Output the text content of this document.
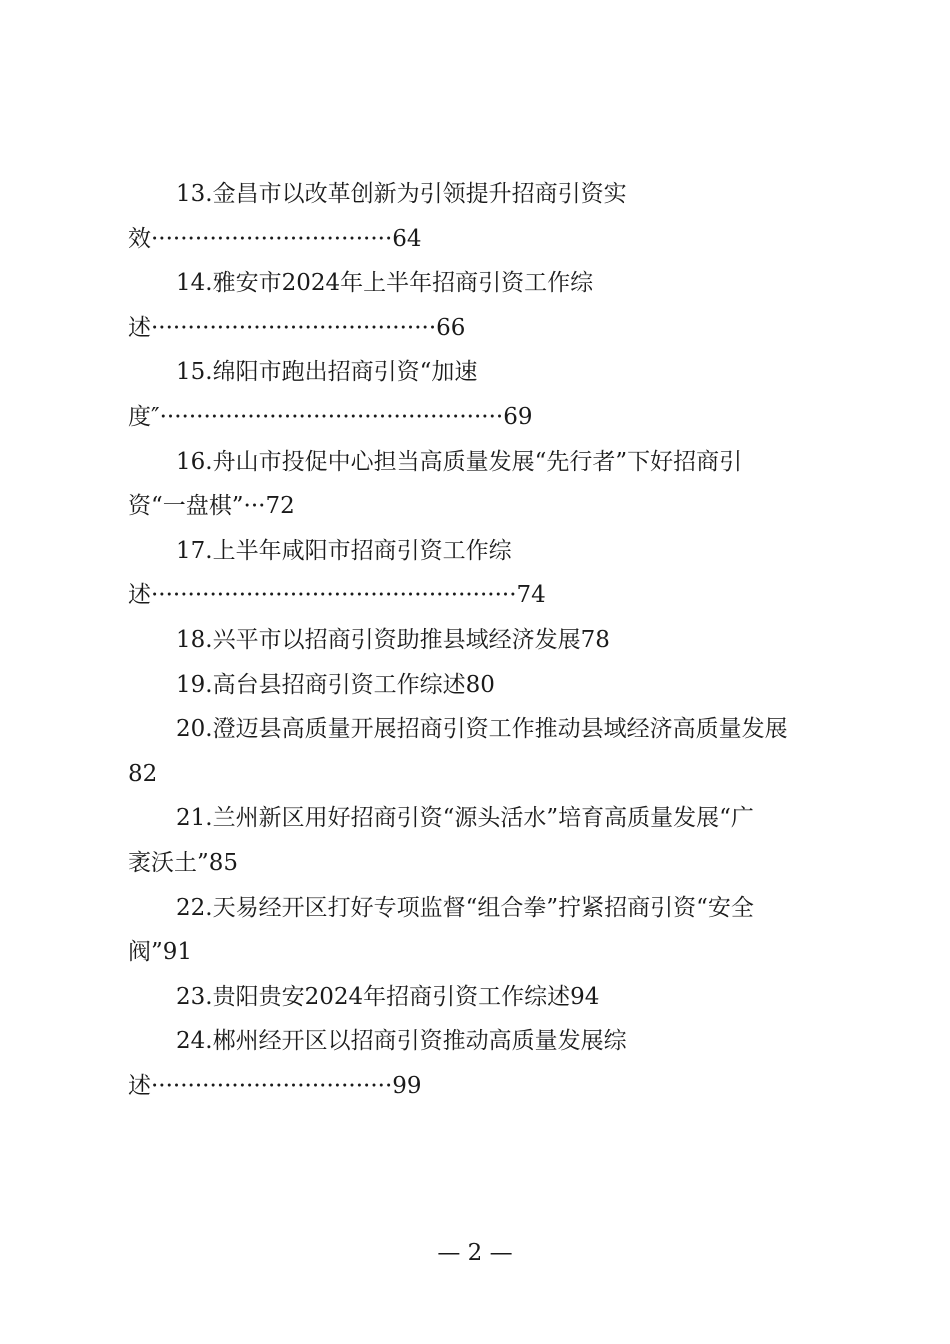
13.金昌市以改革创新为引领提升招商引资实
效·································64
14.雅安市2024年上半年招商引资工作综
述·······································66
15.绵阳市跑出招商引资“加速
度″···············································69
16.舟山市投促中心担当高质量发展“先行者”下好招商引
资“一盘棋”···72
17.上半年咸阳市招商引资工作综
述··················································74
18.兴平市以招商引资助推县域经济发展78
19.高台县招商引资工作综述80
20.澄迈县高质量开展招商引资工作推动县域经济高质量发展
82
21.兰州新区用好招商引资“源头活水”培育高质量发展“广
袤沃土”85
22.天易经开区打好专项监督“组合拳”拧紧招商引资“安全
阀”91
23.贵阳贵安2024年招商引资工作综述94
24.郴州经开区以招商引资推动高质量发展综
述·································99
— 2 —
